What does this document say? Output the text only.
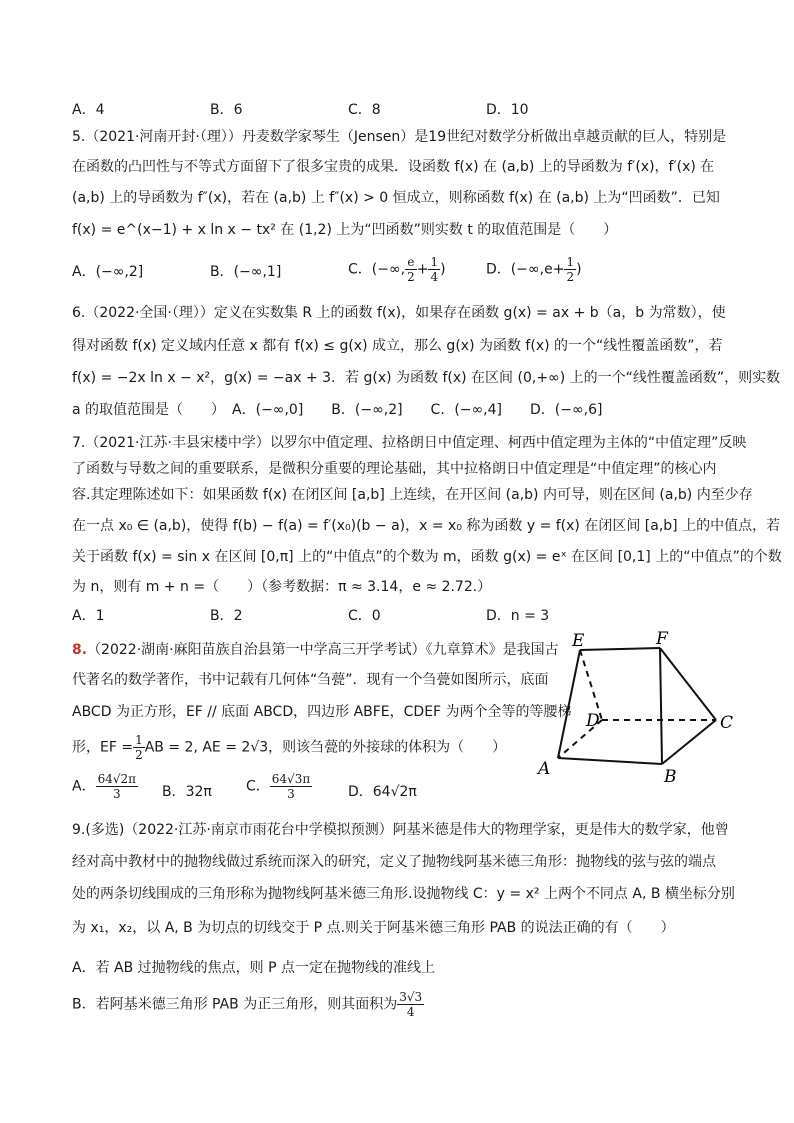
A．4	B．6	C．8	D．10
5.（2021·河南开封·（理））丹麦数学家琴生（Jensen）是19世纪对数学分析做出卓越贡献的巨人，特别是
在函数的凸凹性与不等式方面留下了很多宝贵的成果．设函数 f(x) 在 (a,b) 上的导函数为 f′(x)，f′(x) 在
(a,b) 上的导函数为 f″(x)，若在 (a,b) 上 f″(x) > 0 恒成立，则称函数 f(x) 在 (a,b) 上为“凹函数”．已知
f(x) = e^(x−1) + x ln x − tx² 在 (1,2) 上为“凹函数”则实数 t 的取值范围是（　　）
A．(−∞,2]	B．(−∞,1]	C．(−∞, $\frac{e}{2} + \frac{1}{4}$ )	D．($-\infty,e+ \frac{1}{2}$ )
6.（2022·全国·（理））定义在实数集 R 上的函数 f(x)，如果存在函数 g(x) = ax + b（a，b 为常数），使
得对函数 f(x) 定义域内任意 x 都有 f(x) ≤ g(x) 成立，那么 g(x) 为函数 f(x) 的一个“线性覆盖函数”，若
f(x) = −2x ln x − x²，g(x) = −ax + 3．若 g(x) 为函数 f(x) 在区间 (0,+∞) 上的一个“线性覆盖函数”，则实数
a 的取值范围是（　　）　A．(−∞,0]　　B．(−∞,2]　　C．(−∞,4]　　D．(−∞,6]
7.（2021·江苏·丰县宋楼中学）以罗尔中值定理、拉格朗日中值定理、柯西中值定理为主体的“中值定理”反映
了函数与导数之间的重要联系，是微积分重要的理论基础，其中拉格朗日中值定理是“中值定理”的核心内
容.其定理陈述如下：如果函数 f(x) 在闭区间 [a,b] 上连续，在开区间 (a,b) 内可导，则在区间 (a,b) 内至少存
在一点 x₀ ∈ (a,b)，使得 f(b) − f(a) = f′(x₀)(b − a)，x = x₀ 称为函数 y = f(x) 在闭区间 [a,b] 上的中值点，若
关于函数 f(x) = sin x 在区间 [0,π] 上的“中值点”的个数为 m，函数 g(x) = eˣ 在区间 [0,1] 上的“中值点”的个数
为 n，则有 m + n =（　　）（参考数据：π ≈ 3.14，e ≈ 2.72.）
A．1	B．2	C．0	D．n = 3
8.（2022·湖南·麻阳苗族自治县第一中学高三开学考试）《九章算术》是我国古
代著名的数学著作，书中记载有几何体“刍甍”．现有一个刍甍如图所示，底面
ABCD 为正方形，EF // 底面 ABCD，四边形 ABFE，CDEF 为两个全等的等腰梯
形，EF = $\frac{1}{2}$ AB = 2, AE = 2√3，则该刍甍的外接球的体积为（　　）
A． $\frac{64√2\pi}{3}$ B．32π C． $\frac{64√3\pi}{3}$	D．64√2π
E	F
D	C
A	B
9.(多选)（2022·江苏·南京市雨花台中学模拟预测）阿基米德是伟大的物理学家，更是伟大的数学家，他曾
经对高中教材中的抛物线做过系统而深入的研究，定义了抛物线阿基米德三角形：抛物线的弦与弦的端点
处的两条切线围成的三角形称为抛物线阿基米德三角形.设抛物线 C：y = x² 上两个不同点 A, B 横坐标分别
为 x₁，x₂，以 A, B 为切点的切线交于 P 点.则关于阿基米德三角形 PAB 的说法正确的有（　　）
A．若 AB 过抛物线的焦点，则 P 点一定在抛物线的准线上
B．若阿基米德三角形 PAB 为正三角形，则其面积为 $\frac{3√3}{4}$
